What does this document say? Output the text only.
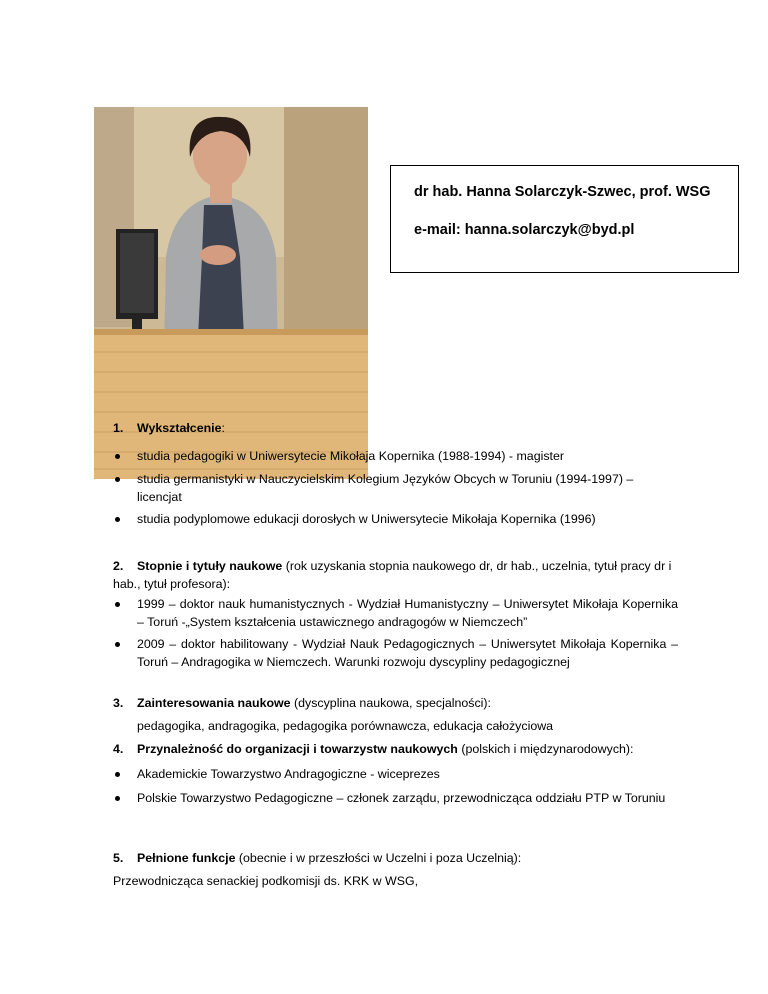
dr hab. Hanna Solarczyk-Szwec, prof. WSG
e-mail: hanna.solarczyk@byd.pl
1. Wykształcenie:
studia pedagogiki w Uniwersytecie Mikołaja Kopernika (1988-1994) - magister
studia germanistyki w Nauczycielskim Kolegium Języków Obcych w Toruniu (1994-1997) – licencjat
studia podyplomowe edukacji dorosłych w Uniwersytecie Mikołaja Kopernika (1996)
2. Stopnie i tytuły naukowe (rok uzyskania stopnia naukowego dr, dr hab., uczelnia, tytuł pracy dr i hab., tytuł profesora):
1999 – doktor nauk humanistycznych - Wydział Humanistyczny – Uniwersytet Mikołaja Kopernika – Toruń -„System kształcenia ustawicznego andragogów w Niemczech”
2009 – doktor habilitowany - Wydział Nauk Pedagogicznych – Uniwersytet Mikołaja Kopernika – Toruń – Andragogika w Niemczech. Warunki rozwoju dyscypliny pedagogicznej
3. Zainteresowania naukowe (dyscyplina naukowa, specjalności):
pedagogika, andragogika, pedagogika porównawcza, edukacja całożyciowa
4. Przynależność do organizacji i towarzystw naukowych (polskich i międzynarodowych):
Akademickie Towarzystwo Andragogiczne - wiceprezes
Polskie Towarzystwo Pedagogiczne – członek zarządu, przewodnicząca oddziału PTP w Toruniu
5. Pełnione funkcje (obecnie i w przeszłości w Uczelni i poza Uczelnią):
Przewodnicząca senackiej podkomisji ds. KRK w WSG,
